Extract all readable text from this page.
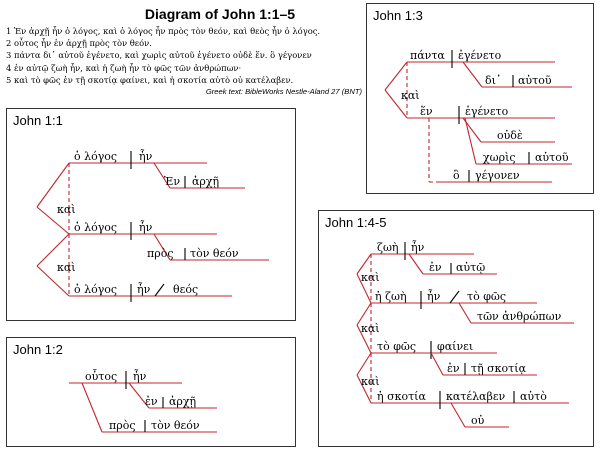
Diagram of John 1:1–5
1 Ἐν ἀρχῇ ἦν ὁ λόγος, καὶ ὁ λόγος ἦν πρὸς τὸν θεόν, καὶ θεὸς ἦν ὁ λόγος.
2 οὗτος ἦν ἐν ἀρχῇ πρὸς τὸν θεόν.
3 πάντα δι᾽ αὐτοῦ ἐγένετο, καὶ χωρὶς αὐτοῦ ἐγένετο οὐδὲ ἕν. ὃ γέγονεν
4 ἐν αὐτῷ ζωὴ ἦν, καὶ ἡ ζωὴ ἦν τὸ φῶς τῶν ἀνθρώπων·
5 καὶ τὸ φῶς ἐν τῇ σκοτίᾳ φαίνει, καὶ ἡ σκοτία αὐτὸ οὐ κατέλαβεν.
Greek text: BibleWorks Nestle-Aland 27 (BNT)
John 1:1
ὁ λόγος ἦν
Ἐν ἀρχῇ
καὶ
ὁ λόγος ἦν
πρὸς τὸν θεόν
καὶ
ὁ λόγος ἦν θεός
John 1:2
οὗτος ἦν
ἐν ἀρχῇ
πρὸς τὸν θεόν
John 1:3
πάντα ἐγένετο
δι᾽ αὐτοῦ
καὶ
ἕν	ἐγένετο
οὐδὲ
χωρὶς αὐτοῦ
ὃ γέγονεν
John 1:4-5
ζωὴ ἦν
ἐν αὐτῷ
καὶ
ἡ ζωὴ ἦν τὸ φῶς
τῶν ἀνθρώπων
καὶ
τὸ φῶς φαίνει
ἐν τῇ σκοτίᾳ
καὶ
ἡ σκοτία κατέλαβεν αὐτὸ
οὐ
